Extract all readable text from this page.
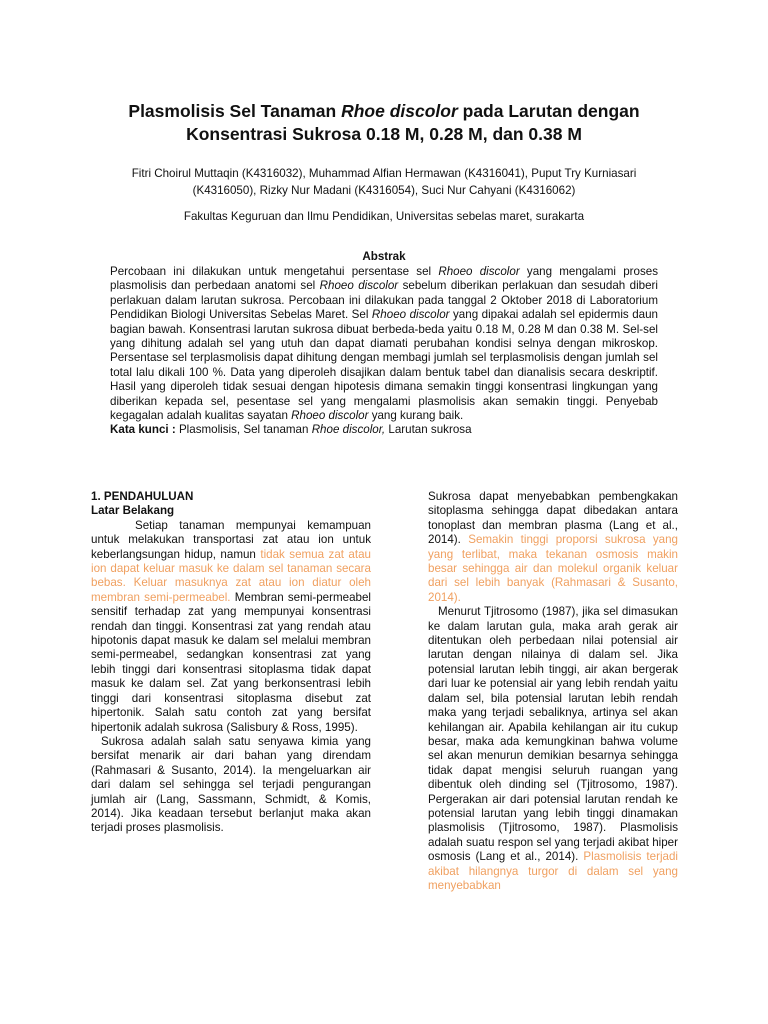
Plasmolisis Sel Tanaman Rhoe discolor pada Larutan dengan
Konsentrasi Sukrosa 0.18 M, 0.28 M, dan 0.38 M
Fitri Choirul Muttaqin (K4316032), Muhammad Alfian Hermawan (K4316041), Puput Try Kurniasari (K4316050), Rizky Nur Madani (K4316054), Suci Nur Cahyani (K4316062)
Fakultas Keguruan dan Ilmu Pendidikan, Universitas sebelas maret, surakarta
Abstrak

Percobaan ini dilakukan untuk mengetahui persentase sel Rhoeo discolor yang mengalami proses plasmolisis dan perbedaan anatomi sel Rhoeo discolor sebelum diberikan perlakuan dan sesudah diberi perlakuan dalam larutan sukrosa. Percobaan ini dilakukan pada tanggal 2 Oktober 2018 di Laboratorium Pendidikan Biologi Universitas Sebelas Maret. Sel Rhoeo discolor yang dipakai adalah sel epidermis daun bagian bawah. Konsentrasi larutan sukrosa dibuat berbeda-beda yaitu 0.18 M, 0.28 M dan 0.38 M. Sel-sel yang dihitung adalah sel yang utuh dan dapat diamati perubahan kondisi selnya dengan mikroskop. Persentase sel terplasmolisis dapat dihitung dengan membagi jumlah sel terplasmolisis dengan jumlah sel total lalu dikali 100 %. Data yang diperoleh disajikan dalam bentuk tabel dan dianalisis secara deskriptif. Hasil yang diperoleh tidak sesuai dengan hipotesis dimana semakin tinggi konsentrasi lingkungan yang diberikan kepada sel, pesentase sel yang mengalami plasmolisis akan semakin tinggi. Penyebab kegagalan adalah kualitas sayatan Rhoeo discolor yang kurang baik.

Kata kunci : Plasmolisis, Sel tanaman Rhoe discolor, Larutan sukrosa

1. PENDAHULUAN

Latar Belakang

Setiap tanaman mempunyai kemampuan untuk melakukan transportasi zat atau ion untuk keberlangsungan hidup, namun tidak semua zat atau ion dapat keluar masuk ke dalam sel tanaman secara bebas. Keluar masuknya zat atau ion diatur oleh membran semi-permeabel. Membran semi-permeabel sensitif terhadap zat yang mempunyai konsentrasi rendah dan tinggi. Konsentrasi zat yang rendah atau hipotonis dapat masuk ke dalam sel melalui membran semi-permeabel, sedangkan konsentrasi zat yang lebih tinggi dari konsentrasi sitoplasma tidak dapat masuk ke dalam sel. Zat yang berkonsentrasi lebih tinggi dari konsentrasi sitoplasma disebut zat hipertonik. Salah satu contoh zat yang bersifat hipertonik adalah sukrosa (Salisbury & Ross, 1995).

Sukrosa adalah salah satu senyawa kimia yang bersifat menarik air dari bahan yang direndam (Rahmasari & Susanto, 2014). Ia mengeluarkan air dari dalam sel sehingga sel terjadi pengurangan jumlah air (Lang, Sassmann, Schmidt, & Komis, 2014). Jika keadaan tersebut berlanjut maka akan terjadi proses plasmolisis.

Sukrosa dapat menyebabkan pembengkakan sitoplasma sehingga dapat dibedakan antara tonoplast dan membran plasma (Lang et al., 2014). Semakin tinggi proporsi sukrosa yang yang terlibat, maka tekanan osmosis makin besar sehingga air dan molekul organik keluar dari sel lebih banyak (Rahmasari & Susanto, 2014).

Menurut Tjitrosomo (1987), jika sel dimasukan ke dalam larutan gula, maka arah gerak air ditentukan oleh perbedaan nilai potensial air larutan dengan nilainya di dalam sel. Jika potensial larutan lebih tinggi, air akan bergerak dari luar ke potensial air yang lebih rendah yaitu dalam sel, bila potensial larutan lebih rendah maka yang terjadi sebaliknya, artinya sel akan kehilangan air. Apabila kehilangan air itu cukup besar, maka ada kemungkinan bahwa volume sel akan menurun demikian besarnya sehingga tidak dapat mengisi seluruh ruangan yang dibentuk oleh dinding sel (Tjitrosomo, 1987). Pergerakan air dari potensial larutan rendah ke potensial larutan yang lebih tinggi dinamakan plasmolisis (Tjitrosomo, 1987). Plasmolisis adalah suatu respon sel yang terjadi akibat hiper osmosis (Lang et al., 2014). Plasmolisis terjadi akibat hilangnya turgor di dalam sel yang menyebabkan
